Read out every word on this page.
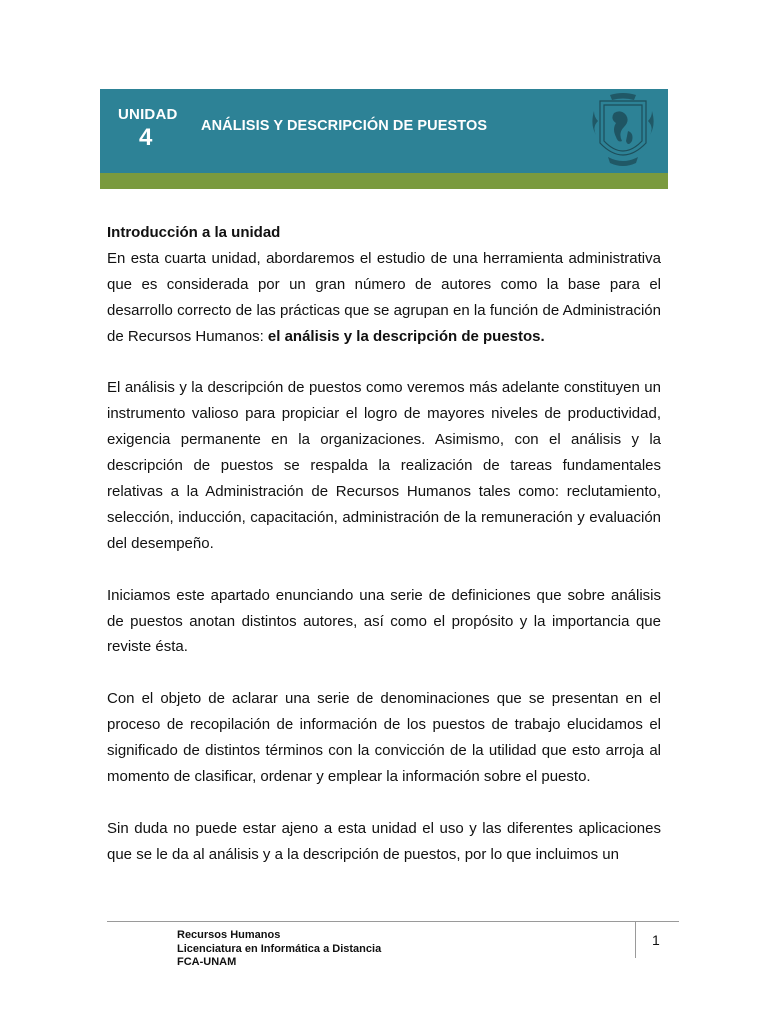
UNIDAD
4	ANÁLISIS Y DESCRIPCIÓN DE PUESTOS
Introducción a la unidad

En esta cuarta unidad, abordaremos el estudio de una herramienta administrativa que es considerada por un gran número de autores como la base para el desarrollo correcto de las prácticas que se agrupan en la función de Administración de Recursos Humanos: el análisis y la descripción de puestos.

El análisis y la descripción de puestos como veremos más adelante constituyen un instrumento valioso para propiciar el logro de mayores niveles de productividad, exigencia permanente en la organizaciones. Asimismo, con el análisis y la descripción de puestos se respalda la realización de tareas fundamentales relativas a la Administración de Recursos Humanos tales como: reclutamiento, selección, inducción, capacitación, administración de la remuneración y evaluación del desempeño.

Iniciamos este apartado enunciando una serie de definiciones que sobre análisis de puestos anotan distintos autores, así como el propósito y la importancia que reviste ésta.

Con el objeto de aclarar una serie de denominaciones que se presentan en el proceso de recopilación de información de los puestos de trabajo elucidamos el significado de distintos términos con la convicción de la utilidad que esto arroja al momento de clasificar, ordenar y emplear la información sobre el puesto.

Sin duda no puede estar ajeno a esta unidad el uso y las diferentes aplicaciones que se le da al análisis y a la descripción de puestos, por lo que incluimos un

Recursos Humanos
Licenciatura en Informática a Distancia
FCA-UNAM
1
